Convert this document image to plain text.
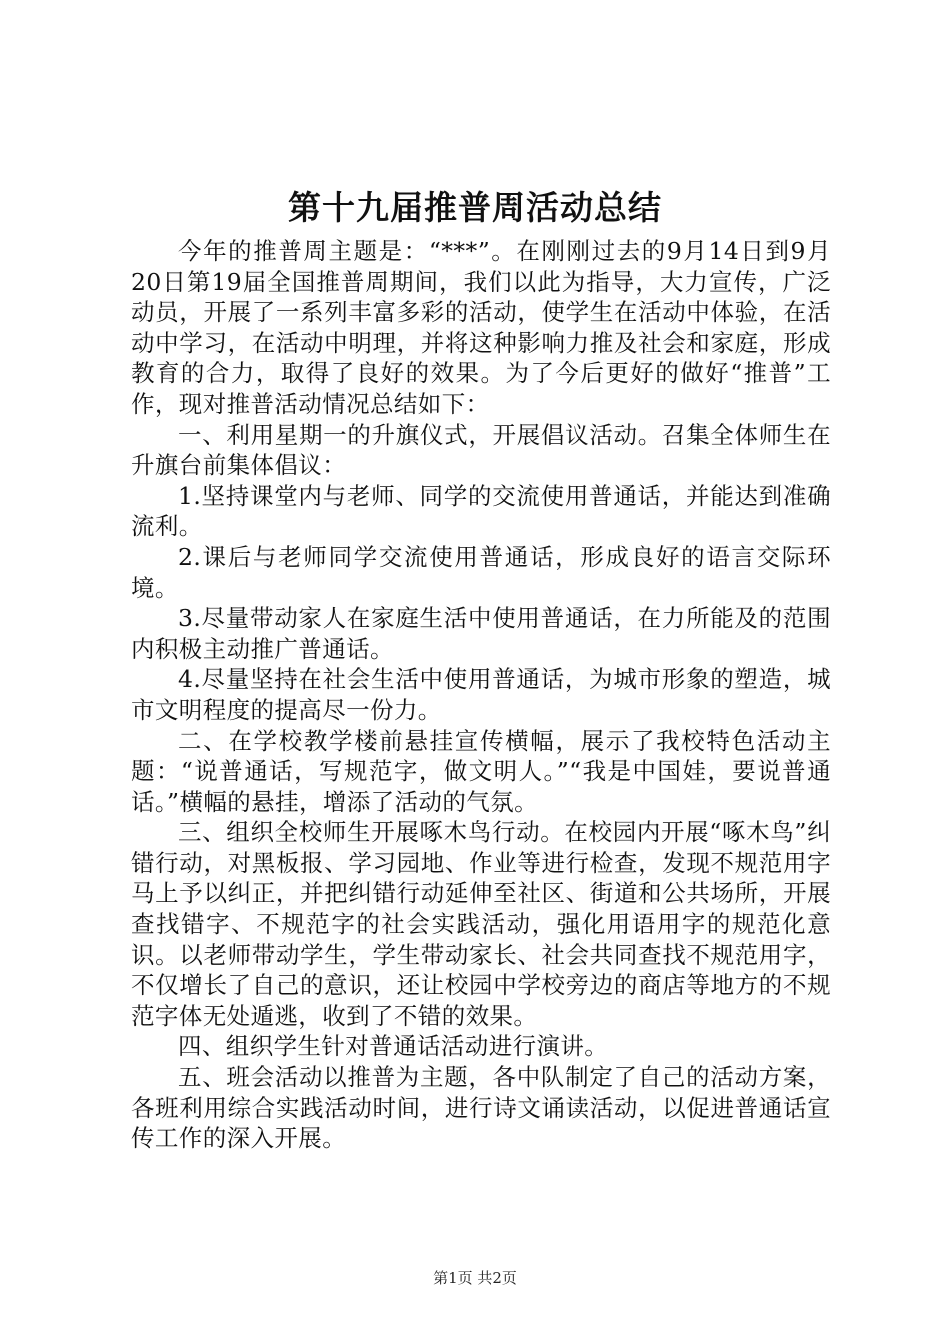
第十九届推普周活动总结

今年的推普周主题是：“***”。在刚刚过去的9月14日到9月20日第19届全国推普周期间，我们以此为指导，大力宣传，广泛动员，开展了一系列丰富多彩的活动，使学生在活动中体验，在活动中学习，在活动中明理，并将这种影响力推及社会和家庭，形成教育的合力，取得了良好的效果。为了今后更好的做好“推普”工作，现对推普活动情况总结如下：

一、利用星期一的升旗仪式，开展倡议活动。召集全体师生在升旗台前集体倡议：

1.坚持课堂内与老师、同学的交流使用普通话，并能达到准确流利。

2.课后与老师同学交流使用普通话，形成良好的语言交际环境。

3.尽量带动家人在家庭生活中使用普通话，在力所能及的范围内积极主动推广普通话。

4.尽量坚持在社会生活中使用普通话，为城市形象的塑造，城市文明程度的提高尽一份力。

二、在学校教学楼前悬挂宣传横幅，展示了我校特色活动主题：“说普通话，写规范字，做文明人。”“我是中国娃，要说普通话。”横幅的悬挂，增添了活动的气氛。

三、组织全校师生开展啄木鸟行动。在校园内开展“啄木鸟”纠错行动，对黑板报、学习园地、作业等进行检查，发现不规范用字马上予以纠正，并把纠错行动延伸至社区、街道和公共场所，开展查找错字、不规范字的社会实践活动，强化用语用字的规范化意识。以老师带动学生，学生带动家长、社会共同查找不规范用字，不仅增长了自己的意识，还让校园中学校旁边的商店等地方的不规范字体无处遁逃，收到了不错的效果。

四、组织学生针对普通话活动进行演讲。

五、班会活动以推普为主题，各中队制定了自己的活动方案，各班利用综合实践活动时间，进行诗文诵读活动，以促进普通话宣传工作的深入开展。

第1页 共2页
